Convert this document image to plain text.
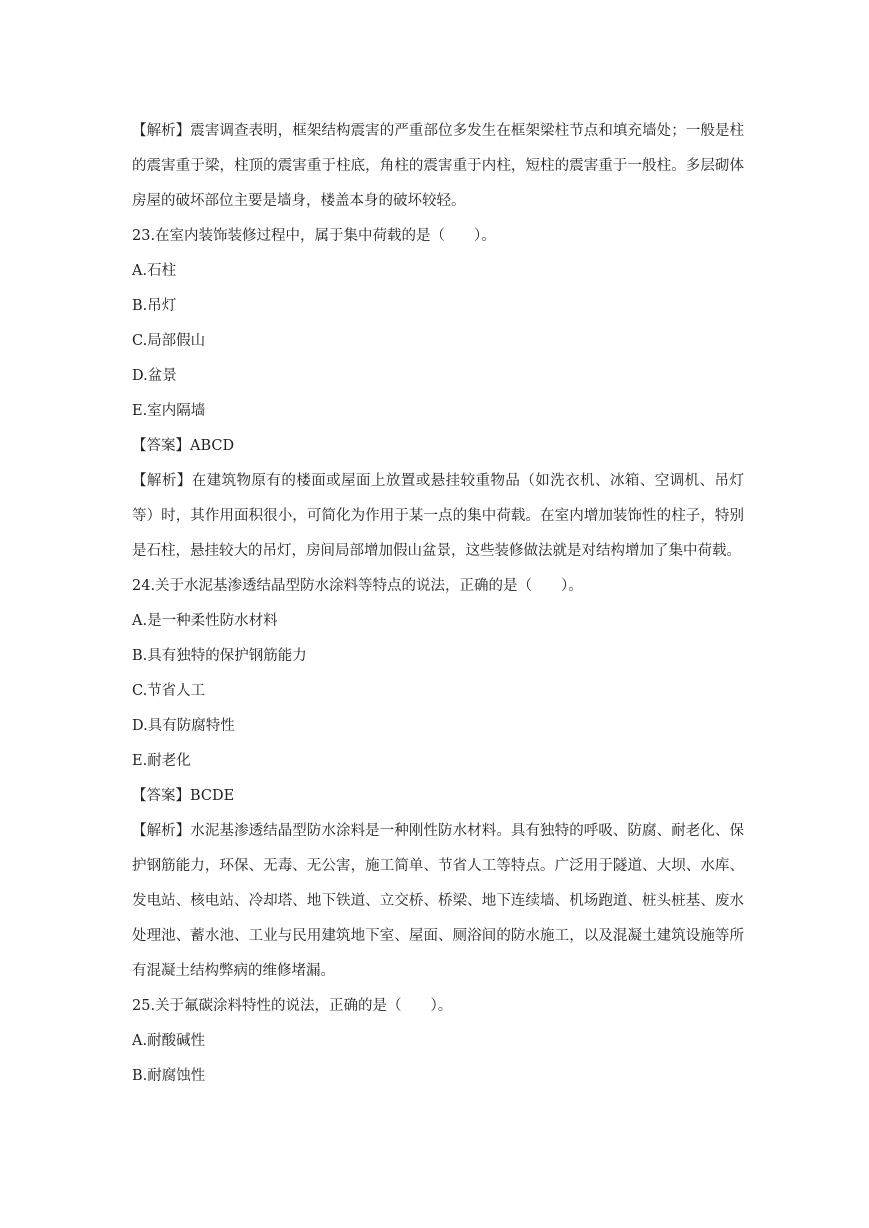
【解析】震害调查表明，框架结构震害的严重部位多发生在框架梁柱节点和填充墙处；一般是柱的震害重于梁，柱顶的震害重于柱底，角柱的震害重于内柱，短柱的震害重于一般柱。多层砌体房屋的破坏部位主要是墙身，楼盖本身的破坏较轻。

23.在室内装饰装修过程中，属于集中荷载的是（　　）。

A.石柱

B.吊灯

C.局部假山

D.盆景

E.室内隔墙

【答案】ABCD

【解析】在建筑物原有的楼面或屋面上放置或悬挂较重物品（如洗衣机、冰箱、空调机、吊灯等）时，其作用面积很小，可简化为作用于某一点的集中荷载。在室内增加装饰性的柱子，特别是石柱，悬挂较大的吊灯，房间局部增加假山盆景，这些装修做法就是对结构增加了集中荷载。

24.关于水泥基渗透结晶型防水涂料等特点的说法，正确的是（　　）。

A.是一种柔性防水材料

B.具有独特的保护钢筋能力

C.节省人工

D.具有防腐特性

E.耐老化

【答案】BCDE

【解析】水泥基渗透结晶型防水涂料是一种刚性防水材料。具有独特的呼吸、防腐、耐老化、保护钢筋能力，环保、无毒、无公害，施工简单、节省人工等特点。广泛用于隧道、大坝、水库、发电站、核电站、冷却塔、地下铁道、立交桥、桥梁、地下连续墙、机场跑道、桩头桩基、废水处理池、蓄水池、工业与民用建筑地下室、屋面、厕浴间的防水施工，以及混凝土建筑设施等所有混凝土结构弊病的维修堵漏。

25.关于氟碳涂料特性的说法，正确的是（　　）。

A.耐酸碱性

B.耐腐蚀性
